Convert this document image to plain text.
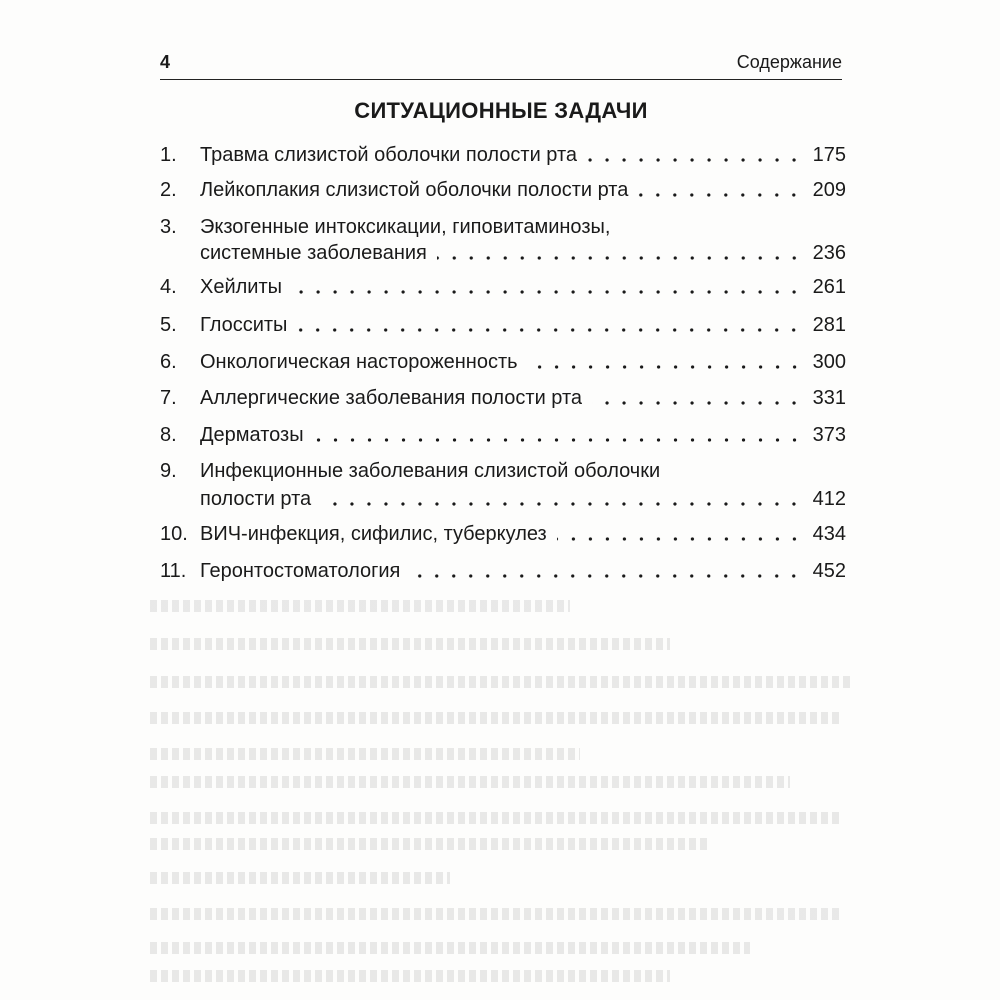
4	Содержание
СИТУАЦИОННЫЕ ЗАДАЧИ
1. Травма слизистой оболочки полости рта	175
2. Лейкоплакия слизистой оболочки полости рта	209
3. Экзогенные интоксикации, гиповитаминозы,
системные заболевания	236
4. Хейлиты	261
5. Глосситы	281
6. Онкологическая настороженность	300
7. Аллергические заболевания полости рта	331
8. Дерматозы	373
9. Инфекционные заболевания слизистой оболочки
полости рта	412
10. ВИЧ-инфекция, сифилис, туберкулез	434
11. Геронтостоматология	452
